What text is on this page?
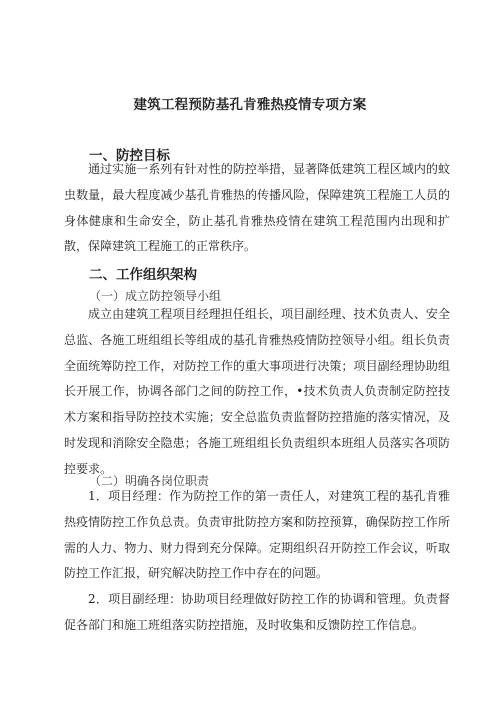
建筑工程预防基孔肯雅热疫情专项方案
一、防控目标

通过实施一系列有针对性的防控举措，显著降低建筑工程区域内的蚊虫数量，最大程度减少基孔肯雅热的传播风险，保障建筑工程施工人员的身体健康和生命安全，防止基孔肯雅热疫情在建筑工程范围内出现和扩散，保障建筑工程施工的正常秩序。

二、工作组织架构
（一）成立防控领导小组

成立由建筑工程项目经理担任组长，项目副经理、技术负责人、安全总监、各施工班组组长等组成的基孔肯雅热疫情防控领导小组。组长负责全面统筹防控工作，对防控工作的重大事项进行决策；项目副经理协助组长开展工作，协调各部门之间的防控工作，•技术负责人负责制定防控技术方案和指导防控技术实施；安全总监负责监督防控措施的落实情况，及时发现和消除安全隐患；各施工班组组长负责组织本班组人员落实各项防控要求。

（二）明确各岗位职责

1．项目经理：作为防控工作的第一责任人，对建筑工程的基孔肯雅热疫情防控工作负总责。负责审批防控方案和防控预算，确保防控工作所需的人力、物力、财力得到充分保障。定期组织召开防控工作会议，听取防控工作汇报，研究解决防控工作中存在的问题。

2．项目副经理：协助项目经理做好防控工作的协调和管理。负责督促各部门和施工班组落实防控措施，及时收集和反馈防控工作信息。
